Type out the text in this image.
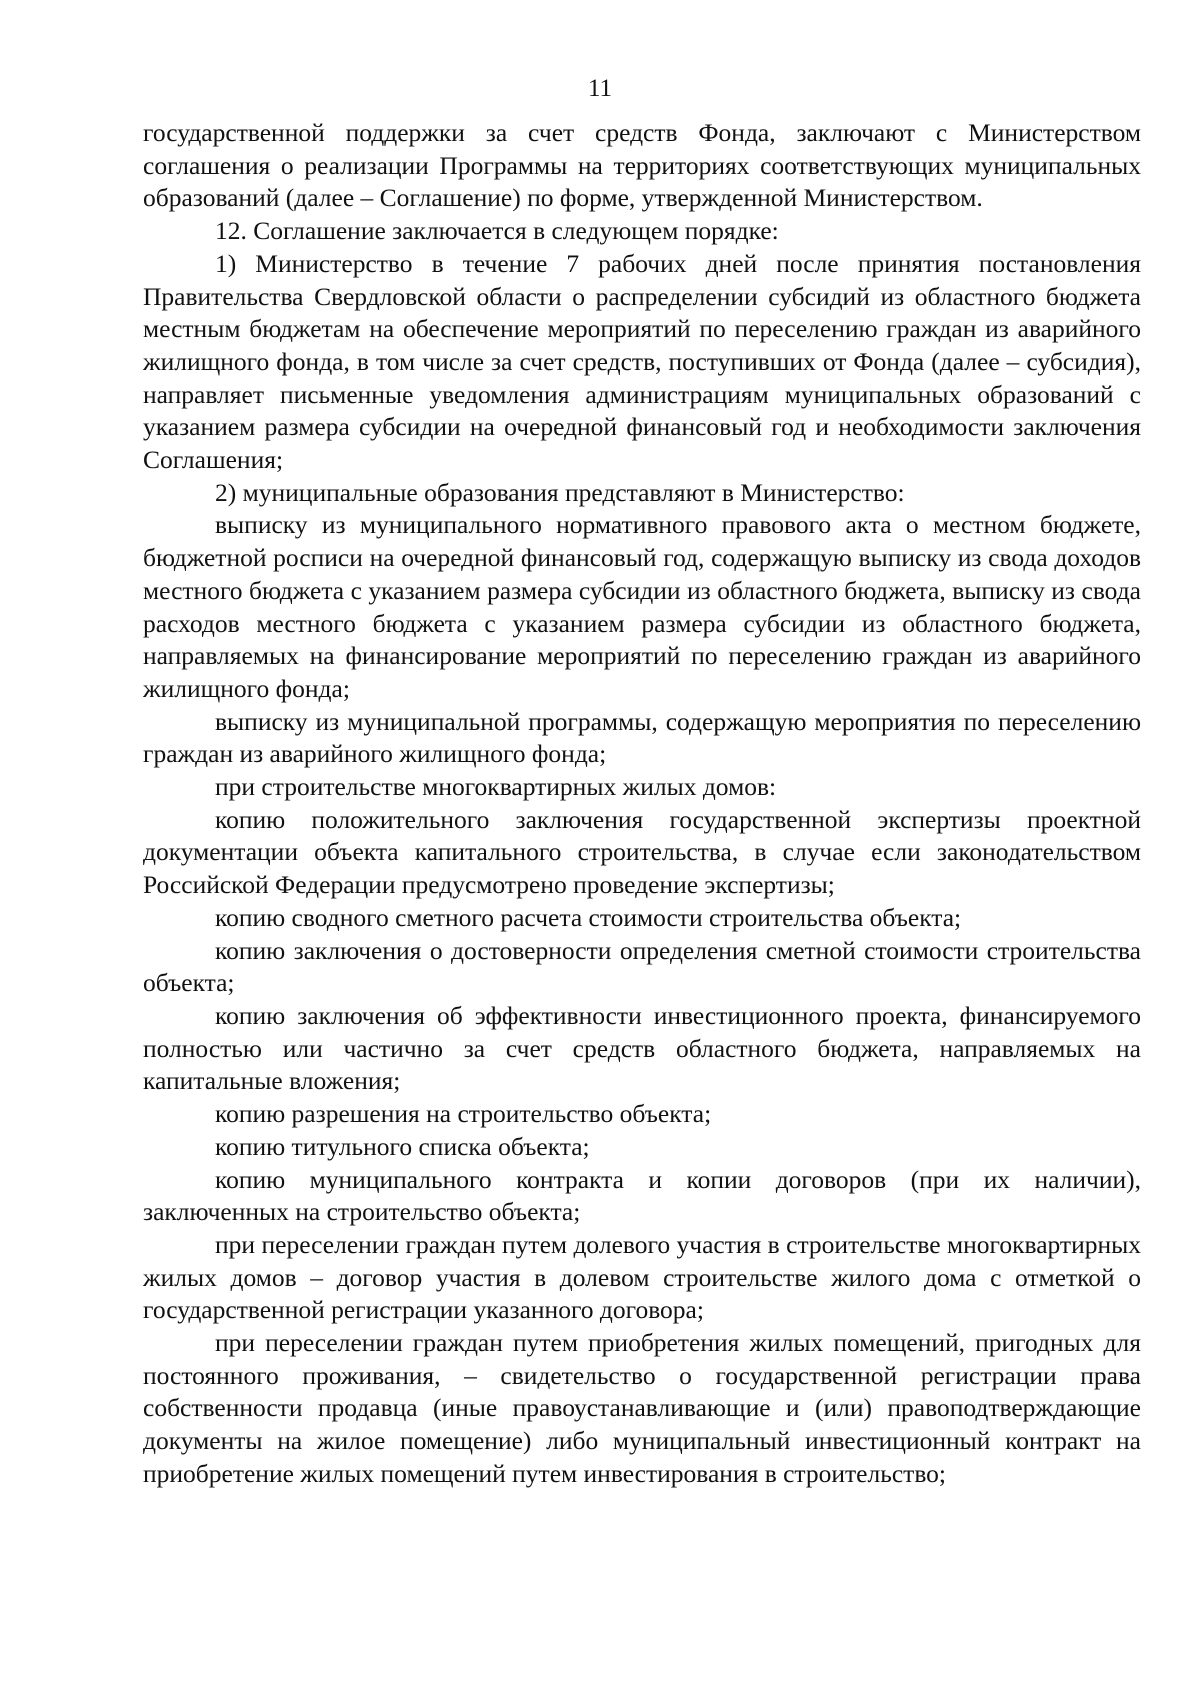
11

государственной поддержки за счет средств Фонда, заключают с Министерством соглашения о реализации Программы на территориях соответствующих муниципальных образований (далее – Соглашение) по форме, утвержденной Министерством.

12. Соглашение заключается в следующем порядке:

1) Министерство в течение 7 рабочих дней после принятия постановления Правительства Свердловской области о распределении субсидий из областного бюджета местным бюджетам на обеспечение мероприятий по переселению граждан из аварийного жилищного фонда, в том числе за счет средств, поступивших от Фонда (далее – субсидия), направляет письменные уведомления администрациям муниципальных образований с указанием размера субсидии на очередной финансовый год и необходимости заключения Соглашения;

2) муниципальные образования представляют в Министерство:

выписку из муниципального нормативного правового акта о местном бюджете, бюджетной росписи на очередной финансовый год, содержащую выписку из свода доходов местного бюджета с указанием размера субсидии из областного бюджета, выписку из свода расходов местного бюджета с указанием размера субсидии из областного бюджета, направляемых на финансирование мероприятий по переселению граждан из аварийного жилищного фонда;

выписку из муниципальной программы, содержащую мероприятия по переселению граждан из аварийного жилищного фонда;

при строительстве многоквартирных жилых домов:

копию положительного заключения государственной экспертизы проектной документации объекта капитального строительства, в случае если законодательством Российской Федерации предусмотрено проведение экспертизы;

копию сводного сметного расчета стоимости строительства объекта;

копию заключения о достоверности определения сметной стоимости строительства объекта;

копию заключения об эффективности инвестиционного проекта, финансируемого полностью или частично за счет средств областного бюджета, направляемых на капитальные вложения;

копию разрешения на строительство объекта;

копию титульного списка объекта;

копию муниципального контракта и копии договоров (при их наличии), заключенных на строительство объекта;

при переселении граждан путем долевого участия в строительстве многоквартирных жилых домов – договор участия в долевом строительстве жилого дома с отметкой о государственной регистрации указанного договора;

при переселении граждан путем приобретения жилых помещений, пригодных для постоянного проживания, – свидетельство о государственной регистрации права собственности продавца (иные правоустанавливающие и (или) правоподтверждающие документы на жилое помещение) либо муниципальный инвестиционный контракт на приобретение жилых помещений путем инвестирования в строительство;
